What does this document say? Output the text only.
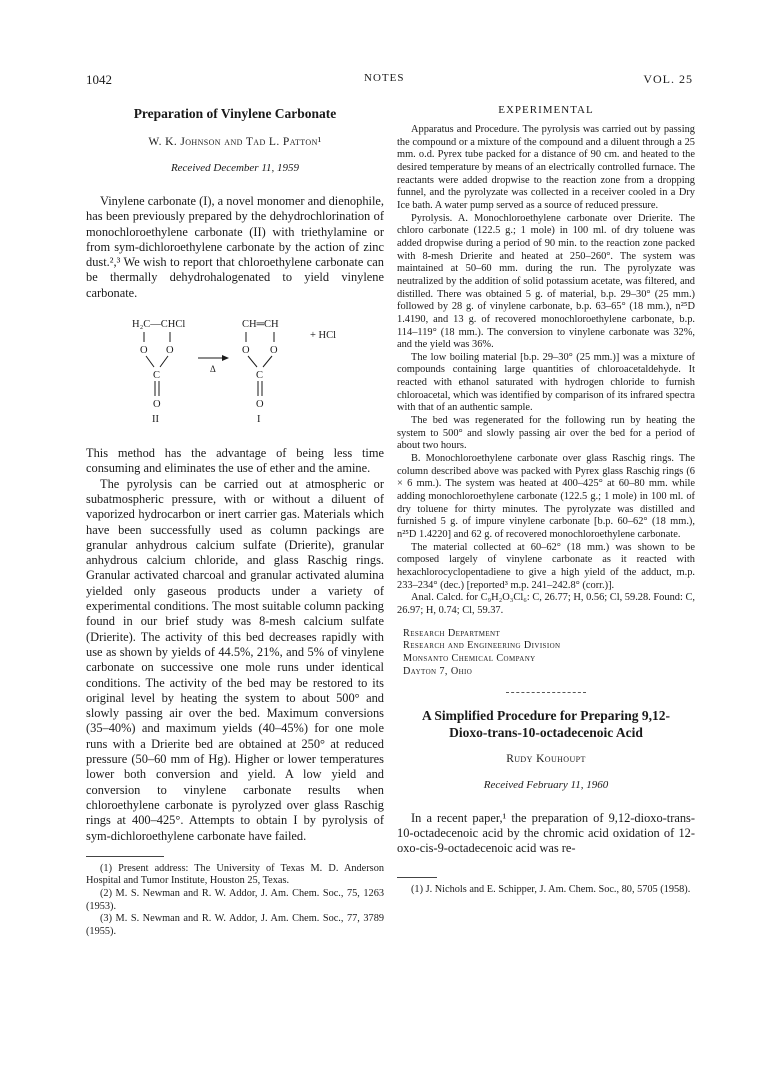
1042	NOTES	VOL. 25
Preparation of Vinylene Carbonate
W. K. Johnson and Tad L. Patton¹
Received December 11, 1959

Vinylene carbonate (I), a novel monomer and dienophile, has been previously prepared by the dehydrochlorination of monochloroethylene carbonate (II) with triethylamine or from sym-dichloroethylene carbonate by the action of zinc dust.²,³ We wish to report that chloroethylene carbonate can be thermally dehydrohalogenated to yield vinylene carbonate.

H₂C—CHCl
O O
C
O
II
Δ
CH═CH
O O
C
O
I
+ HCl

This method has the advantage of being less time consuming and eliminates the use of ether and the amine.

The pyrolysis can be carried out at atmospheric or subatmospheric pressure, with or without a diluent of vaporized hydrocarbon or inert carrier gas. Materials which have been successfully used as column packings are granular anhydrous calcium sulfate (Drierite), granular anhydrous calcium chloride, and glass Raschig rings. Granular activated charcoal and granular activated alumina yielded only gaseous products under a variety of experimental conditions. The most suitable column packing found in our brief study was 8-mesh calcium sulfate (Drierite). The activity of this bed decreases rapidly with use as shown by yields of 44.5%, 21%, and 5% of vinylene carbonate on successive one mole runs under identical conditions. The activity of the bed may be restored to its original level by heating the system to about 500° and slowly passing air over the bed. Maximum conversions (35–40%) and maximum yields (40–45%) for one mole runs with a Drierite bed are obtained at 250° at reduced pressure (50–60 mm of Hg). Higher or lower temperatures lower both conversion and yield. A low yield and conversion to vinylene carbonate results when chloroethylene carbonate is pyrolyzed over glass Raschig rings at 400–425°. Attempts to obtain I by pyrolysis of sym-dichloroethylene carbonate have failed.

(1) Present address: The University of Texas M. D. Anderson Hospital and Tumor Institute, Houston 25, Texas.

(2) M. S. Newman and R. W. Addor, J. Am. Chem. Soc., 75, 1263 (1953).

(3) M. S. Newman and R. W. Addor, J. Am. Chem. Soc., 77, 3789 (1955).

EXPERIMENTAL

Apparatus and Procedure. The pyrolysis was carried out by passing the compound or a mixture of the compound and a diluent through a 25 mm. o.d. Pyrex tube packed for a distance of 90 cm. and heated to the desired temperature by means of an electrically controlled furnace. The reactants were added dropwise to the reaction zone from a dropping funnel, and the pyrolyzate was collected in a receiver cooled in a Dry Ice bath. A water pump served as a source of reduced pressure.

Pyrolysis. A. Monochloroethylene carbonate over Drierite. The chloro carbonate (122.5 g.; 1 mole) in 100 ml. of dry toluene was added dropwise during a period of 90 min. to the reaction zone packed with 8-mesh Drierite and heated at 250–260°. The system was maintained at 50–60 mm. during the run. The pyrolyzate was neutralized by the addition of solid potassium acetate, was filtered, and distilled. There was obtained 5 g. of material, b.p. 29–30° (25 mm.) followed by 28 g. of vinylene carbonate, b.p. 63–65° (18 mm.), n²⁵D 1.4190, and 13 g. of recovered monochloroethylene carbonate, b.p. 114–119° (18 mm.). The conversion to vinylene carbonate was 32%, and the yield was 36%.

The low boiling material [b.p. 29–30° (25 mm.)] was a mixture of compounds containing large quantities of chloroacetaldehyde. It reacted with ethanol saturated with hydrogen chloride to furnish chloroacetal, which was identified by comparison of its infrared spectra with that of an authentic sample.

The bed was regenerated for the following run by heating the system to 500° and slowly passing air over the bed for a period of about two hours.

B. Monochloroethylene carbonate over glass Raschig rings. The column described above was packed with Pyrex glass Raschig rings (6 × 6 mm.). The system was heated at 400–425° at 60–80 mm. while adding monochloroethylene carbonate (122.5 g.; 1 mole) in 100 ml. of dry toluene for thirty minutes. The pyrolyzate was distilled and furnished 5 g. of impure vinylene carbonate [b.p. 60–62° (18 mm.), n²⁵D 1.4220] and 62 g. of recovered monochloroethylene carbonate.

The material collected at 60–62° (18 mm.) was shown to be composed largely of vinylene carbonate as it reacted with hexachlorocyclopentadiene to give a high yield of the adduct, m.p. 233–234° (dec.) [reported³ m.p. 241–242.8° (corr.)].

Anal. Calcd. for C₉H₂O₃Cl₆: C, 26.77; H, 0.56; Cl, 59.28. Found: C, 26.97; H, 0.74; Cl, 59.37.

Research Department
Research and Engineering Division
Monsanto Chemical Company
Dayton 7, Ohio
A Simplified Procedure for Preparing 9,12-
Dioxo-trans-10-octadecenoic Acid
Rudy Kouhoupt
Received February 11, 1960

In a recent paper,¹ the preparation of 9,12-dioxo-trans-10-octadecenoic acid by the chromic acid oxidation of 12-oxo-cis-9-octadecenoic acid was re-

(1) J. Nichols and E. Schipper, J. Am. Chem. Soc., 80, 5705 (1958).
